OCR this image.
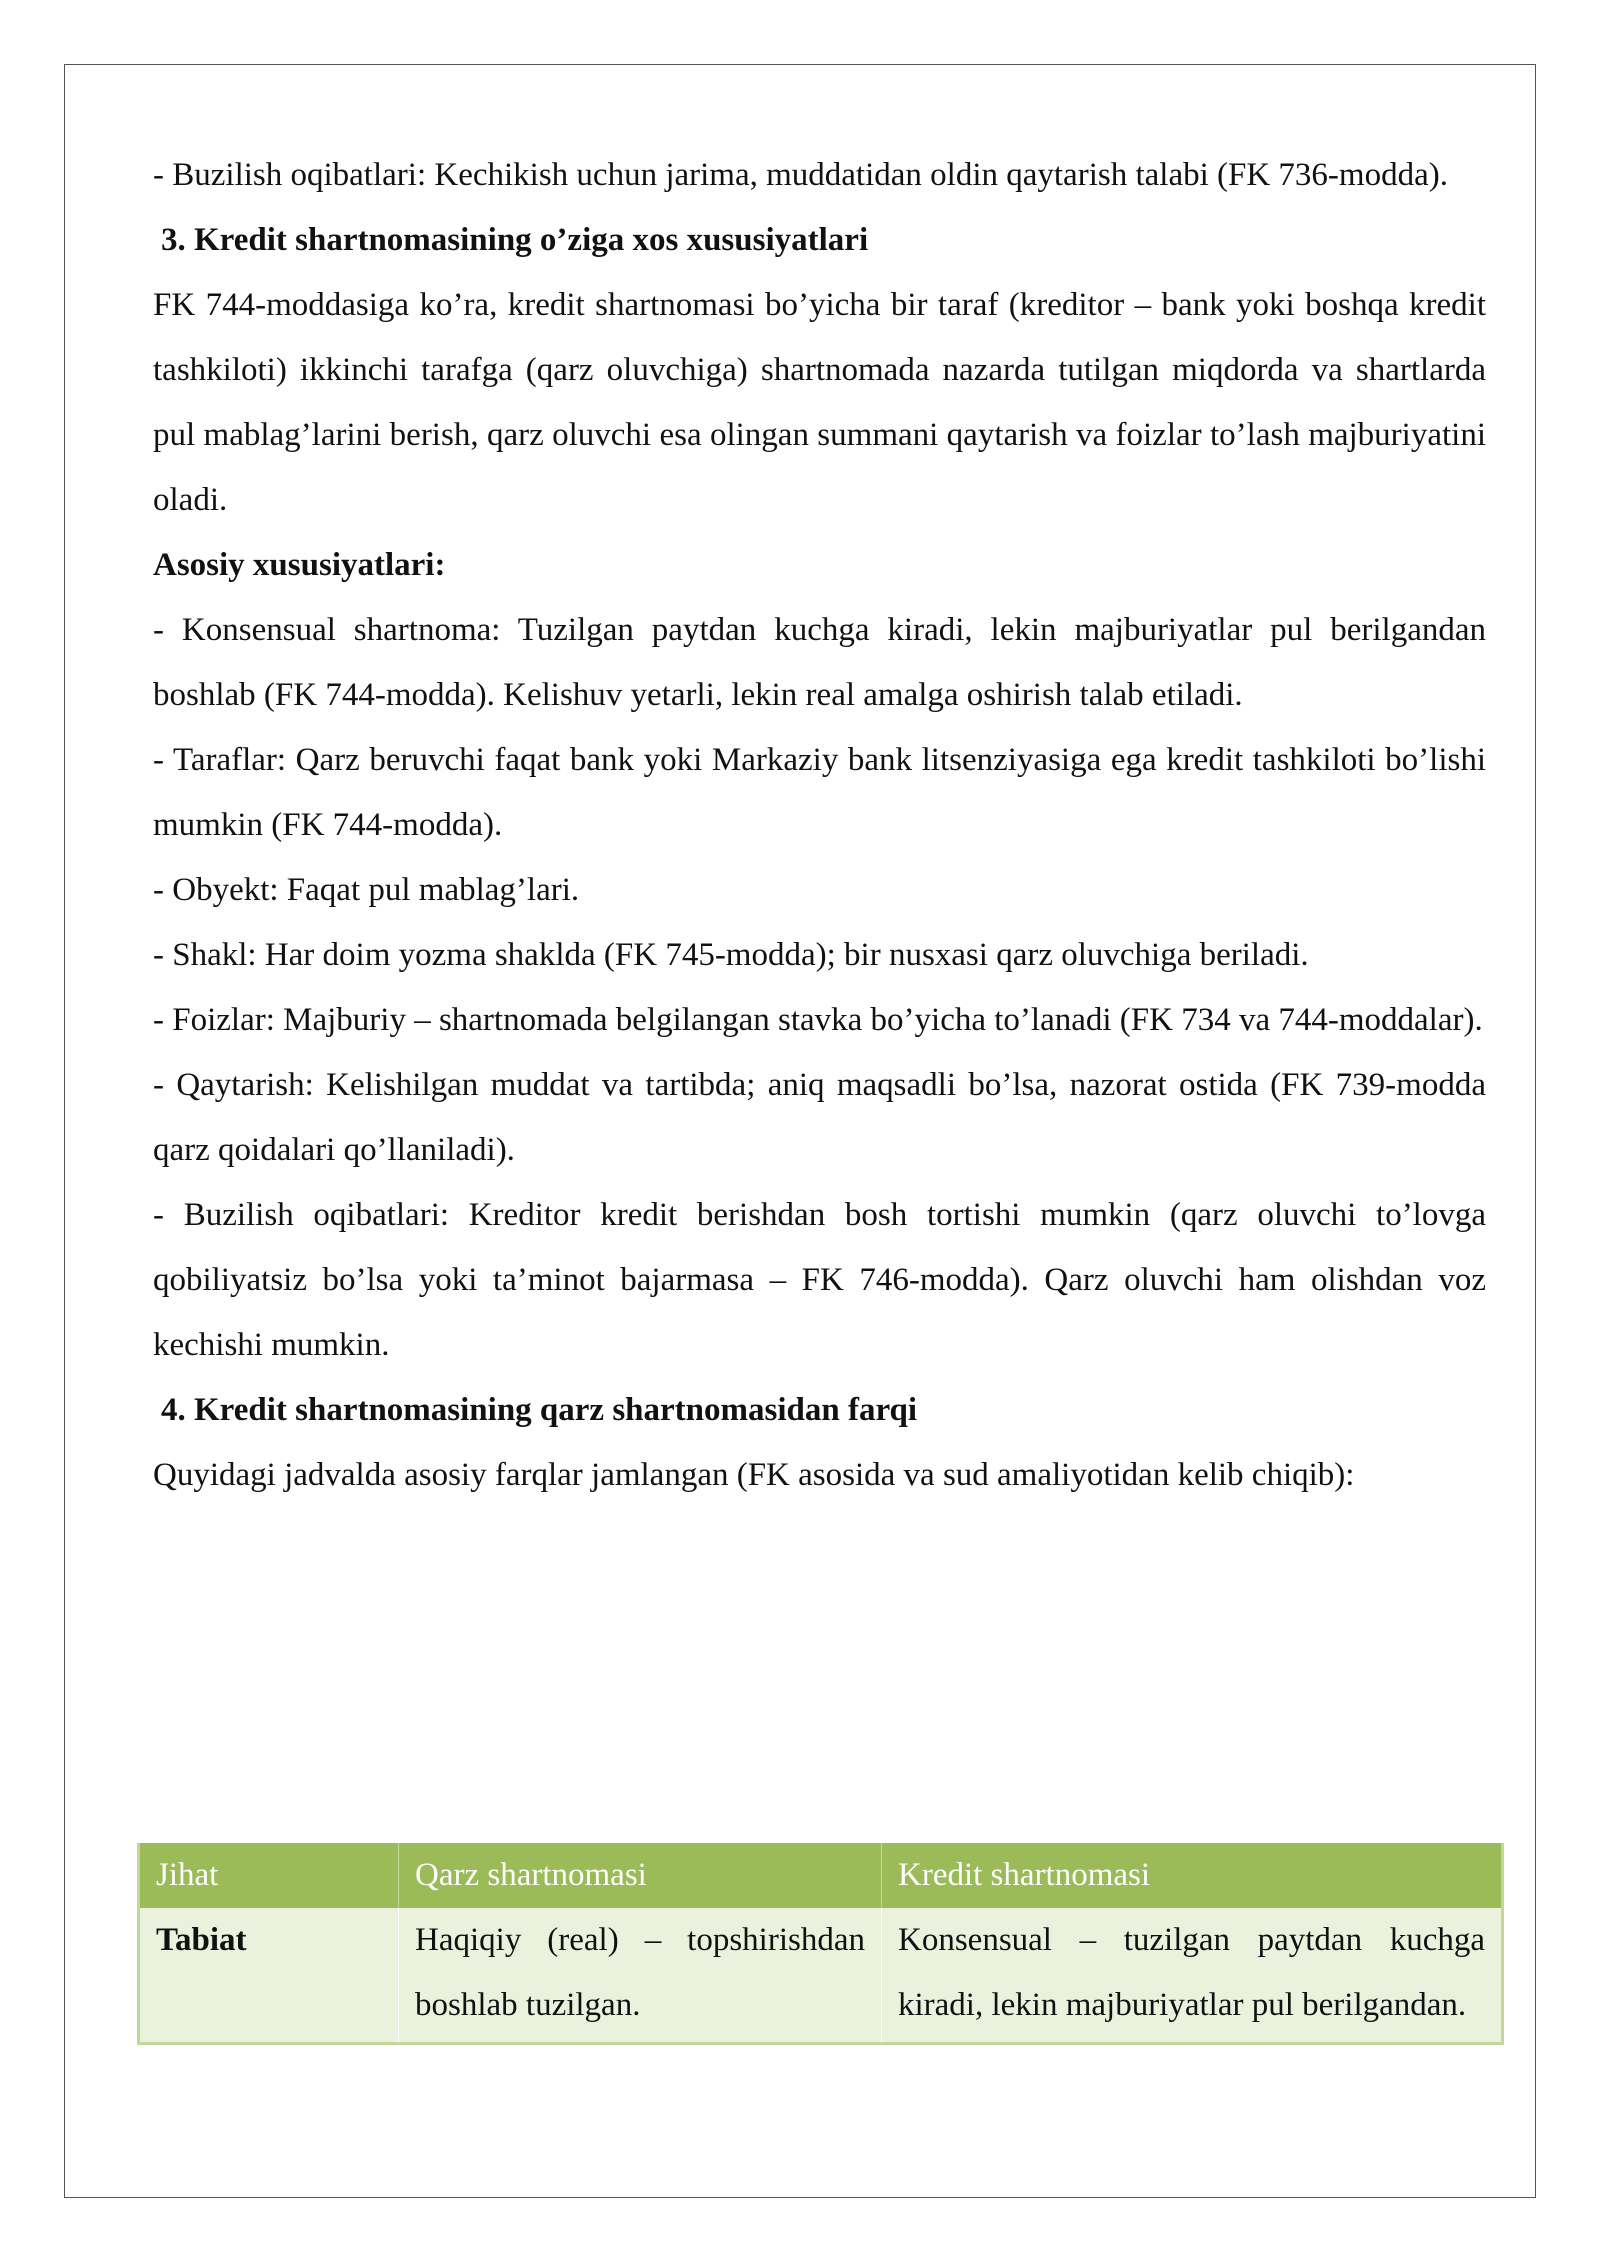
- Buzilish oqibatlari: Kechikish uchun jarima, muddatidan oldin qaytarish talabi (FK 736-modda).

3. Kredit shartnomasining o’ziga xos xususiyatlari

FK 744-moddasiga ko’ra, kredit shartnomasi bo’yicha bir taraf (kreditor – bank yoki boshqa kredit tashkiloti) ikkinchi tarafga (qarz oluvchiga) shartnomada nazarda tutilgan miqdorda va shartlarda pul mablag’larini berish, qarz oluvchi esa olingan summani qaytarish va foizlar to’lash majburiyatini oladi.

Asosiy xususiyatlari:

- Konsensual shartnoma: Tuzilgan paytdan kuchga kiradi, lekin majburiyatlar pul berilgandan boshlab (FK 744-modda). Kelishuv yetarli, lekin real amalga oshirish talab etiladi.

- Taraflar: Qarz beruvchi faqat bank yoki Markaziy bank litsenziyasiga ega kredit tashkiloti bo’lishi mumkin (FK 744-modda).

- Obyekt: Faqat pul mablag’lari.

- Shakl: Har doim yozma shaklda (FK 745-modda); bir nusxasi qarz oluvchiga beriladi.

- Foizlar: Majburiy – shartnomada belgilangan stavka bo’yicha to’lanadi (FK 734 va 744-moddalar).

- Qaytarish: Kelishilgan muddat va tartibda; aniq maqsadli bo’lsa, nazorat ostida (FK 739-modda qarz qoidalari qo’llaniladi).

- Buzilish oqibatlari: Kreditor kredit berishdan bosh tortishi mumkin (qarz oluvchi to’lovga qobiliyatsiz bo’lsa yoki ta’minot bajarmasa – FK 746-modda). Qarz oluvchi ham olishdan voz kechishi mumkin.

4. Kredit shartnomasining qarz shartnomasidan farqi

Quyidagi jadvalda asosiy farqlar jamlangan (FK asosida va sud amaliyotidan kelib chiqib):

Jihat	Qarz shartnomasi	Kredit shartnomasi
Tabiat	Haqiqiy (real) – topshirishdan boshlab tuzilgan.	Konsensual – tuzilgan paytdan kuchga kiradi, lekin majburiyatlar pul berilgandan.
